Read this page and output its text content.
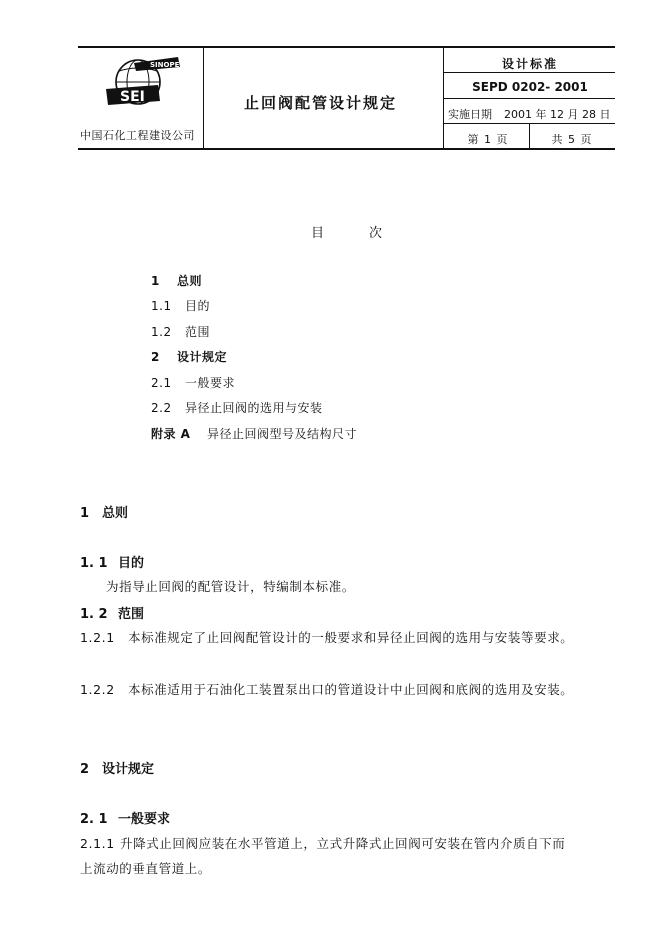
SINOPEC
SEI
中国石化工程建设公司
止回阀配管设计规定
设计标准
SEPD 0202- 2001
实施日期 2001 年 12 月 28 日
第 1 页	共 5 页
目	次
1 总则
1.1 目的
1.2 范围
2 设计规定
2.1 一般要求
2.2 异径止回阀的选用与安装
附录 A 异径止回阀型号及结构尺寸
1 总则
1. 1 目的
为指导止回阀的配管设计，特编制本标准。
1. 2 范围
1.2.1 本标准规定了止回阀配管设计的一般要求和异径止回阀的选用与安装等要求。
1.2.2 本标准适用于石油化工装置泵出口的管道设计中止回阀和底阀的选用及安装。
2 设计规定
2. 1 一般要求
2.1.1 升降式止回阀应装在水平管道上，立式升降式止回阀可安装在管内介质自下而
上流动的垂直管道上。
